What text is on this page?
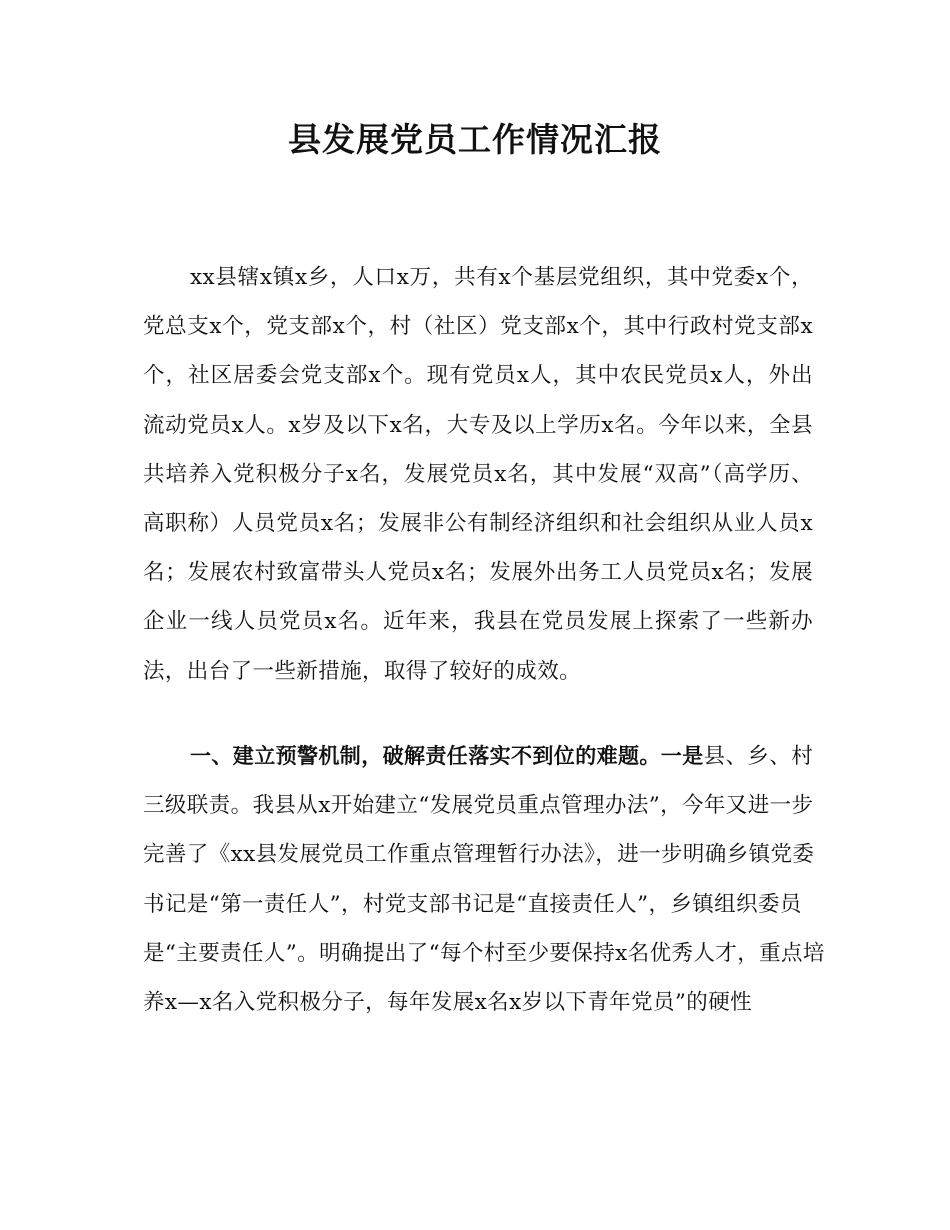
县发展党员工作情况汇报

xx县辖x镇x乡，人口x万，共有x个基层党组织，其中党委x个，党总支x个，党支部x个，村（社区）党支部x个，其中行政村党支部x个，社区居委会党支部x个。现有党员x人，其中农民党员x人，外出流动党员x人。x岁及以下x名，大专及以上学历x名。今年以来，全县共培养入党积极分子x名，发展党员x名，其中发展“双高”（高学历、高职称）人员党员x名；发展非公有制经济组织和社会组织从业人员x名；发展农村致富带头人党员x名；发展外出务工人员党员x名；发展企业一线人员党员x名。近年来，我县在党员发展上探索了一些新办法，出台了一些新措施，取得了较好的成效。

一、建立预警机制，破解责任落实不到位的难题。一是县、乡、村三级联责。我县从x开始建立“发展党员重点管理办法”，今年又进一步完善了《xx县发展党员工作重点管理暂行办法》，进一步明确乡镇党委书记是“第一责任人”，村党支部书记是“直接责任人”，乡镇组织委员是“主要责任人”。明确提出了“每个村至少要保持x名优秀人才，重点培养x—x名入党积极分子，每年发展x名x岁以下青年党员”的硬性
